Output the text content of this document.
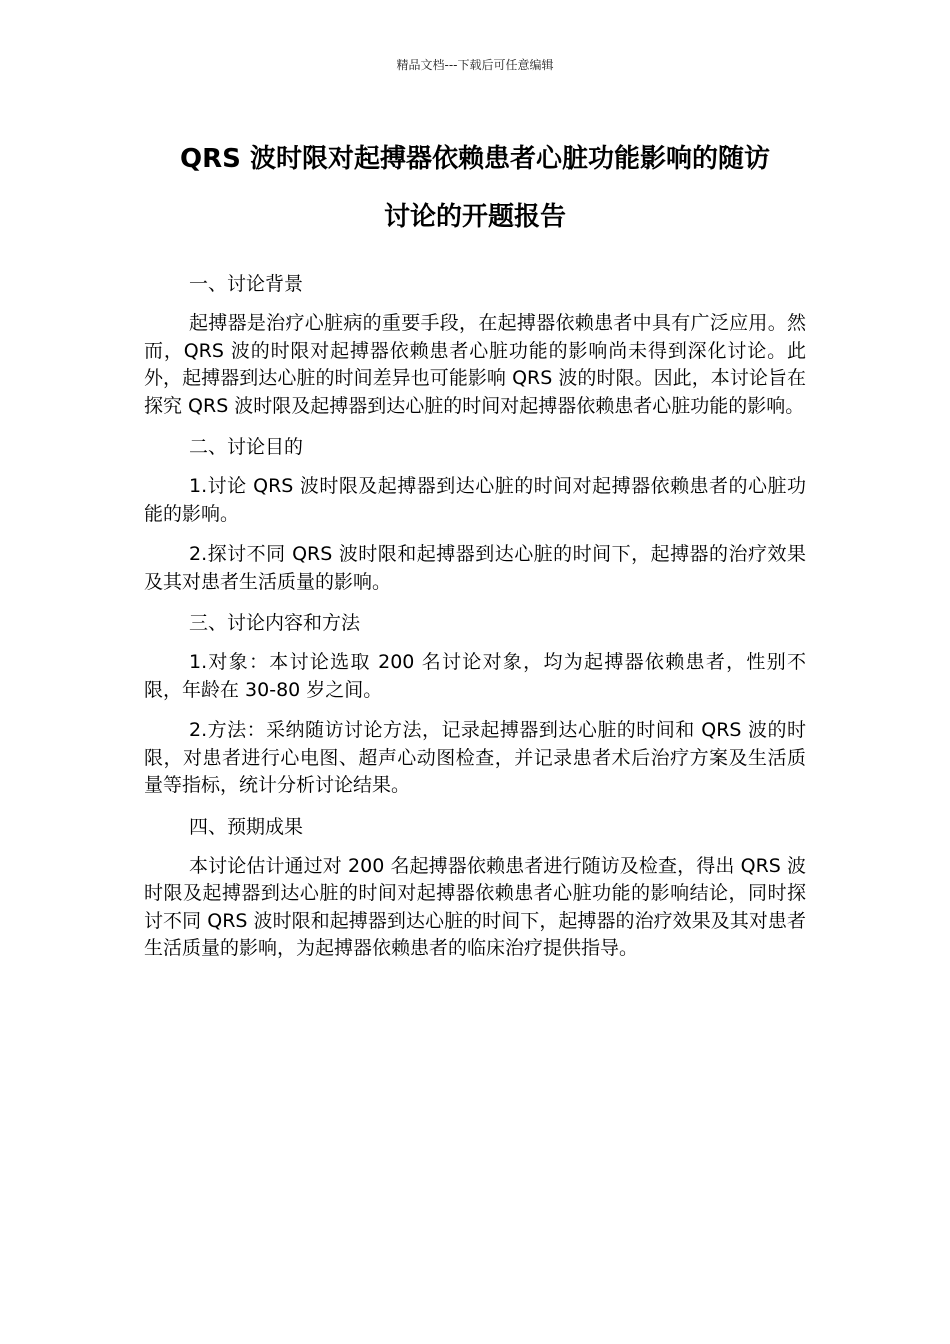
精品文档---下载后可任意编辑
QRS 波时限对起搏器依赖患者心脏功能影响的随访
讨论的开题报告

一、讨论背景

起搏器是治疗心脏病的重要手段，在起搏器依赖患者中具有广泛应用。然而，QRS 波的时限对起搏器依赖患者心脏功能的影响尚未得到深化讨论。此外，起搏器到达心脏的时间差异也可能影响 QRS 波的时限。因此，本讨论旨在探究 QRS 波时限及起搏器到达心脏的时间对起搏器依赖患者心脏功能的影响。

二、讨论目的

1.讨论 QRS 波时限及起搏器到达心脏的时间对起搏器依赖患者的心脏功能的影响。

2.探讨不同 QRS 波时限和起搏器到达心脏的时间下，起搏器的治疗效果及其对患者生活质量的影响。

三、讨论内容和方法

1.对象：本讨论选取 200 名讨论对象，均为起搏器依赖患者，性别不限，年龄在 30-80 岁之间。

2.方法：采纳随访讨论方法，记录起搏器到达心脏的时间和 QRS 波的时限，对患者进行心电图、超声心动图检查，并记录患者术后治疗方案及生活质量等指标，统计分析讨论结果。

四、预期成果

本讨论估计通过对 200 名起搏器依赖患者进行随访及检查，得出 QRS 波时限及起搏器到达心脏的时间对起搏器依赖患者心脏功能的影响结论，同时探讨不同 QRS 波时限和起搏器到达心脏的时间下，起搏器的治疗效果及其对患者生活质量的影响，为起搏器依赖患者的临床治疗提供指导。
